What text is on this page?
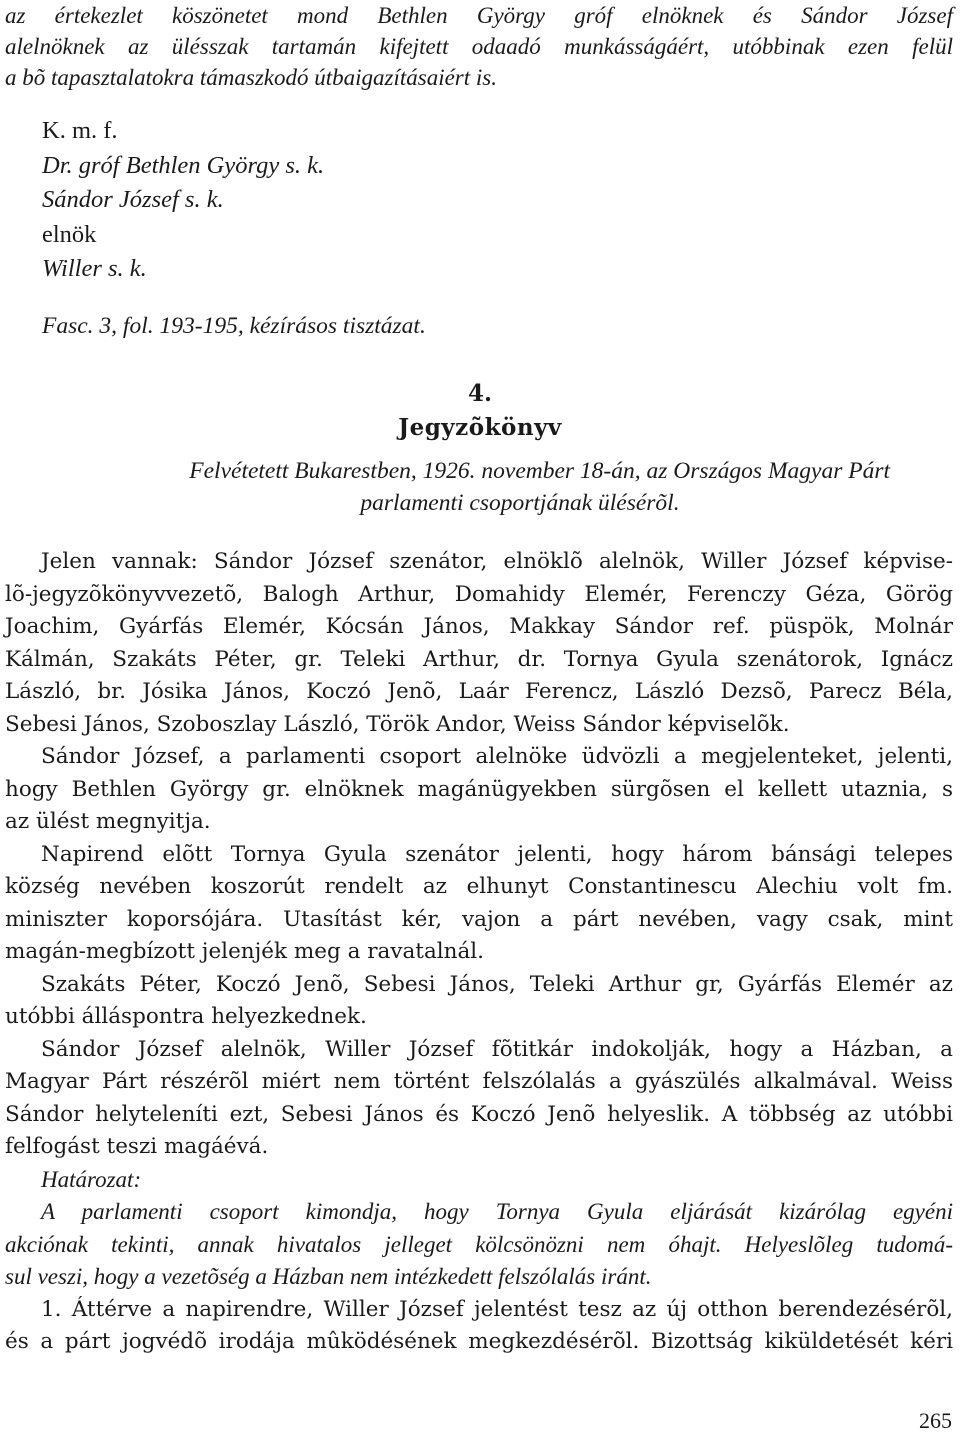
az értekezlet köszönetet mond Bethlen György gróf elnöknek és Sándor József
alelnöknek az ülésszak tartamán kifejtett odaadó munkásságáért, utóbbinak ezen felül
a bõ tapasztalatokra támaszkodó útbaigazításaiért is.
K. m. f.
Dr. gróf Bethlen György s. k.
Sándor József s. k.
elnök
Willer s. k.
Fasc. 3, fol. 193-195, kézírásos tisztázat.
4.
Jegyzõkönyv
Felvétetett Bukarestben, 1926. november 18-án, az Országos Magyar Párt
parlamenti csoportjának ülésérõl.
Jelen vannak: Sándor József szenátor, elnöklõ alelnök, Willer József képvise-
lõ-jegyzõkönyvvezetõ, Balogh Arthur, Domahidy Elemér, Ferenczy Géza, Görög
Joachim, Gyárfás Elemér, Kócsán János, Makkay Sándor ref. püspök, Molnár
Kálmán, Szakáts Péter, gr. Teleki Arthur, dr. Tornya Gyula szenátorok, Ignácz
László, br. Jósika János, Koczó Jenõ, Laár Ferencz, László Dezsõ, Parecz Béla,
Sebesi János, Szoboszlay László, Török Andor, Weiss Sándor képviselõk.
Sándor József, a parlamenti csoport alelnöke üdvözli a megjelenteket, jelenti,
hogy Bethlen György gr. elnöknek magánügyekben sürgõsen el kellett utaznia, s
az ülést megnyitja.
Napirend elõtt Tornya Gyula szenátor jelenti, hogy három bánsági telepes
község nevében koszorút rendelt az elhunyt Constantinescu Alechiu volt fm.
miniszter koporsójára. Utasítást kér, vajon a párt nevében, vagy csak, mint
magán-megbízott jelenjék meg a ravatalnál.
Szakáts Péter, Koczó Jenõ, Sebesi János, Teleki Arthur gr, Gyárfás Elemér az
utóbbi álláspontra helyezkednek.
Sándor József alelnök, Willer József fõtitkár indokolják, hogy a Házban, a
Magyar Párt részérõl miért nem történt felszólalás a gyászülés alkalmával. Weiss
Sándor helyteleníti ezt, Sebesi János és Koczó Jenõ helyeslik. A többség az utóbbi
felfogást teszi magáévá.
Határozat:
A parlamenti csoport kimondja, hogy Tornya Gyula eljárását kizárólag egyéni
akciónak tekinti, annak hivatalos jelleget kölcsönözni nem óhajt. Helyeslõleg tudomá-
sul veszi, hogy a vezetõség a Házban nem intézkedett felszólalás iránt.
1. Áttérve a napirendre, Willer József jelentést tesz az új otthon berendezésérõl,
és a párt jogvédõ irodája mûködésének megkezdésérõl. Bizottság kiküldetését kéri
265
